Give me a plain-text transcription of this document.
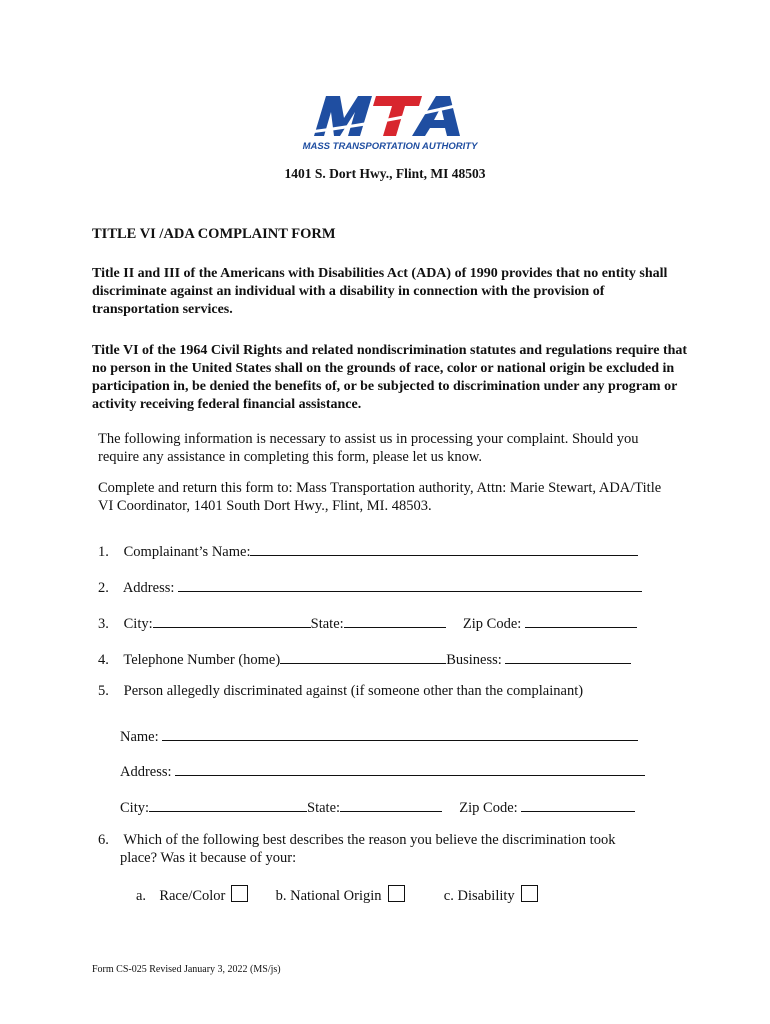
MASS TRANSPORTATION AUTHORITY
1401 S. Dort Hwy., Flint, MI 48503
TITLE VI /ADA COMPLAINT FORM
Title II and III of the Americans with Disabilities Act (ADA) of 1990 provides that no entity shall discriminate against an individual with a disability in connection with the provision of transportation services.
Title VI of the 1964 Civil Rights and related nondiscrimination statutes and regulations require that no person in the United States shall on the grounds of race, color or national origin be excluded in participation in, be denied the benefits of, or be subjected to discrimination under any program or activity receiving federal financial assistance.
The following information is necessary to assist us in processing your complaint. Should you require any assistance in completing this form, please let us know.
Complete and return this form to: Mass Transportation authority, Attn: Marie Stewart, ADA/Title VI Coordinator, 1401 South Dort Hwy., Flint, MI. 48503.
1. Complainant’s Name:
2. Address:
3. City:	State:	Zip Code:
4. Telephone Number (home)	Business:
5. Person allegedly discriminated against (if someone other than the complainant)
Name:
Address:
City:	State:	Zip Code:
6. Which of the following best describes the reason you believe the discrimination took
place? Was it because of your:
a. Race/Color	b. National Origin	c. Disability
Form CS-025 Revised January 3, 2022 (MS/js)
